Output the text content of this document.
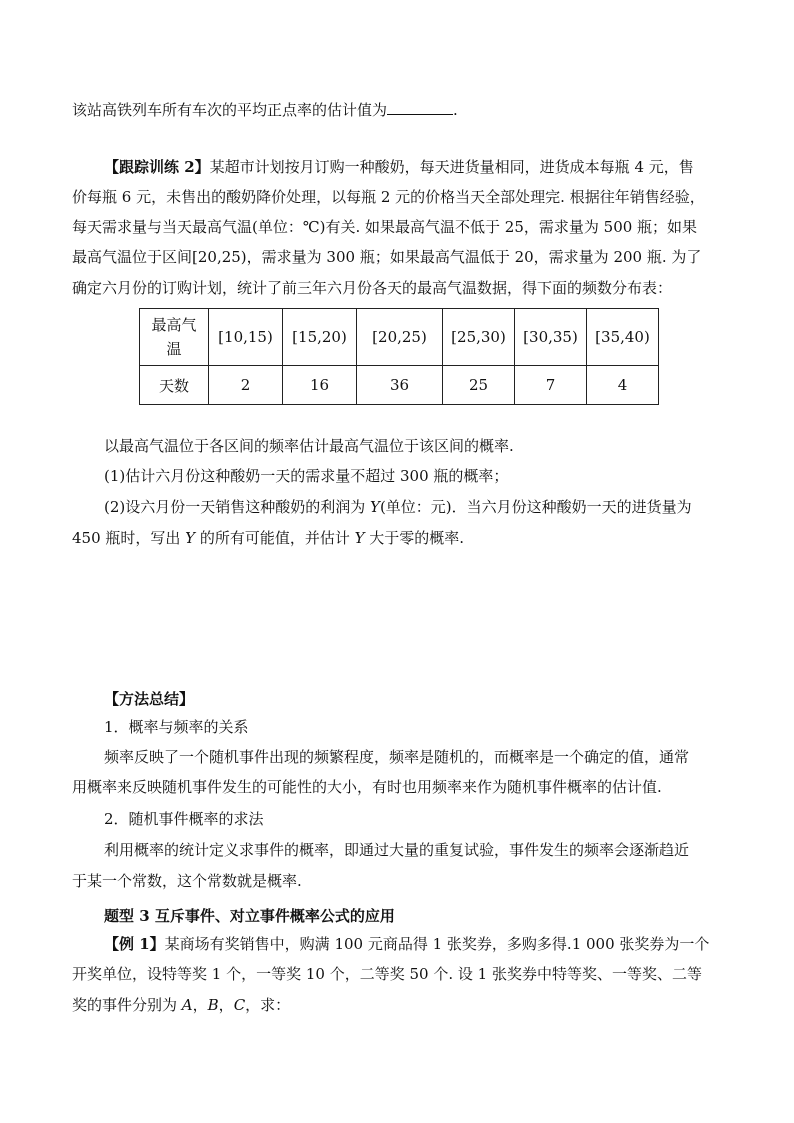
该站高铁列车所有车次的平均正点率的估计值为	.
【跟踪训练 2】某超市计划按月订购一种酸奶，每天进货量相同，进货成本每瓶 4 元，售
价每瓶 6 元，未售出的酸奶降价处理，以每瓶 2 元的价格当天全部处理完. 根据往年销售经验，
每天需求量与当天最高气温(单位：℃)有关. 如果最高气温不低于 25，需求量为 500 瓶；如果
最高气温位于区间[20,25)，需求量为 300 瓶；如果最高气温低于 20，需求量为 200 瓶. 为了
确定六月份的订购计划，统计了前三年六月份各天的最高气温数据，得下面的频数分布表：
最高气温	[10,15)	[15,20)	[20,25)	[25,30)	[30,35)	[35,40)
天数	2	16	36	25	7	4
以最高气温位于各区间的频率估计最高气温位于该区间的概率.
(1)估计六月份这种酸奶一天的需求量不超过 300 瓶的概率；
(2)设六月份一天销售这种酸奶的利润为 Y(单位：元)．当六月份这种酸奶一天的进货量为
450 瓶时，写出 Y 的所有可能值，并估计 Y 大于零的概率.
【方法总结】
1．概率与频率的关系
频率反映了一个随机事件出现的频繁程度，频率是随机的，而概率是一个确定的值，通常
用概率来反映随机事件发生的可能性的大小，有时也用频率来作为随机事件概率的估计值.
2．随机事件概率的求法
利用概率的统计定义求事件的概率，即通过大量的重复试验，事件发生的频率会逐渐趋近
于某一个常数，这个常数就是概率.
题型 3 互斥事件、对立事件概率公式的应用
【例 1】某商场有奖销售中，购满 100 元商品得 1 张奖券，多购多得.1 000 张奖券为一个
开奖单位，设特等奖 1 个，一等奖 10 个，二等奖 50 个. 设 1 张奖券中特等奖、一等奖、二等
奖的事件分别为 A，B，C，求：
